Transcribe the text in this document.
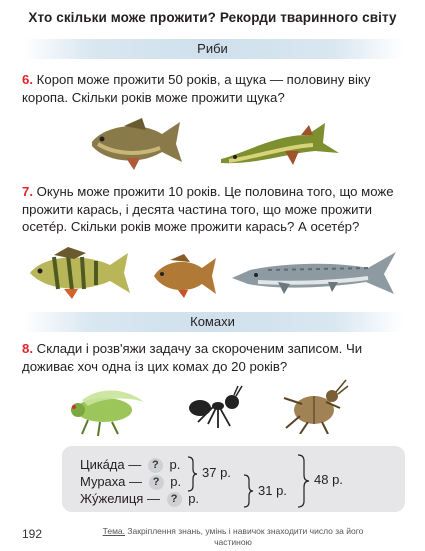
Хто скільки може прожити? Рекорди тваринного світу
Риби
6. Короп може прожити 50 років, а щука — половину віку коропа. Скільки років може прожити щука?
7. Окунь може прожити 10 років. Це половина того, що може прожити карась, і десята частина того, що може прожити осетéр. Скільки років може прожити карась? А осетéр?
Комахи
8. Склади і розв'яжи задачу за скороченим записом. Чи доживає хоч одна із цих комах до 20 років?
Цикáда — ? р.
Мураха — ? р.
Жýжелиця — ? р.
37 р.
31 р.
48 р.
192	Тема. Закріплення знань, умінь і навичок знаходити число за його частиною
